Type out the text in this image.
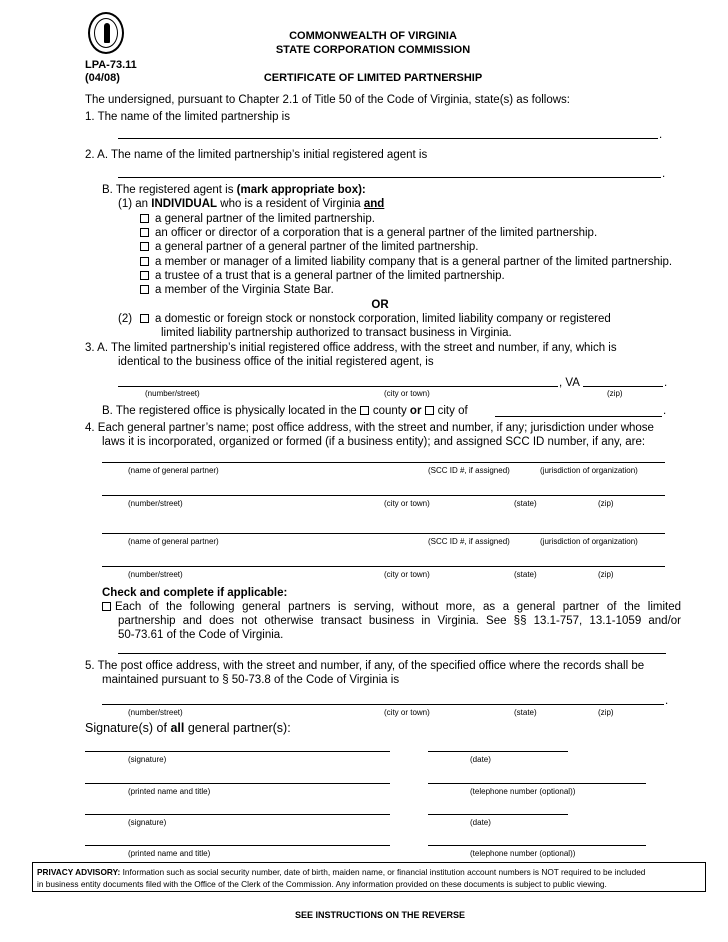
COMMONWEALTH OF VIRGINIA
STATE CORPORATION COMMISSION
LPA-73.11
(04/08)	CERTIFICATE OF LIMITED PARTNERSHIP
The undersigned, pursuant to Chapter 2.1 of Title 50 of the Code of Virginia, state(s) as follows:
1. The name of the limited partnership is
.
2. A. The name of the limited partnership’s initial registered agent is
.
B. The registered agent is (mark appropriate box):
(1) an INDIVIDUAL who is a resident of Virginia and
a general partner of the limited partnership.
an officer or director of a corporation that is a general partner of the limited partnership.
a general partner of a general partner of the limited partnership.
a member or manager of a limited liability company that is a general partner of the limited partnership.
a trustee of a trust that is a general partner of the limited partnership.
a member of the Virginia State Bar.
OR
(2)	a domestic or foreign stock or nonstock corporation, limited liability company or registered
limited liability partnership authorized to transact business in Virginia.
3. A. The limited partnership’s initial registered office address, with the street and number, if any, which is
identical to the business office of the initial registered agent, is
, VA	.
(number/street)	(city or town)	(zip)
B. The registered office is physically located in the county or city of	.
4. Each general partner’s name; post office address, with the street and number, if any; jurisdiction under whose
laws it is incorporated, organized or formed (if a business entity); and assigned SCC ID number, if any, are:
(name of general partner)	(SCC ID #, if assigned)	(jurisdiction of organization)
(number/street)	(city or town)	(state)	(zip)
(name of general partner)	(SCC ID #, if assigned)	(jurisdiction of organization)
(number/street)	(city or town)	(state)	(zip)
Check and complete if applicable:
Each of the following general partners is serving, without more, as a general partner of the limited
partnership and does not otherwise transact business in Virginia. See §§ 13.1-757, 13.1-1059 and/or
50-73.61 of the Code of Virginia.
5. The post office address, with the street and number, if any, of the specified office where the records shall be
maintained pursuant to § 50-73.8 of the Code of Virginia is
.
(number/street)	(city or town)	(state)	(zip)
Signature(s) of all general partner(s):
(signature)	(date)
(printed name and title)	(telephone number (optional))
(signature)	(date)
(printed name and title)	(telephone number (optional))
PRIVACY ADVISORY: Information such as social security number, date of birth, maiden name, or financial institution account numbers is NOT required to be included
in business entity documents filed with the Office of the Clerk of the Commission. Any information provided on these documents is subject to public viewing.
SEE INSTRUCTIONS ON THE REVERSE
